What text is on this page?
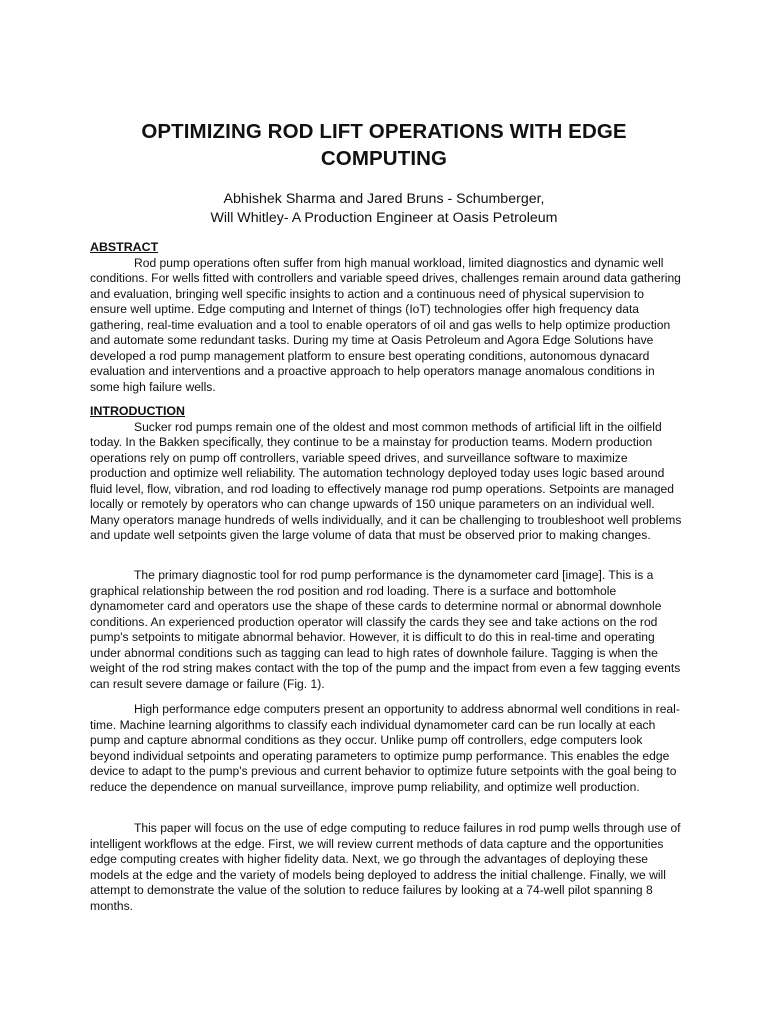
OPTIMIZING ROD LIFT OPERATIONS WITH EDGE
COMPUTING
Abhishek Sharma and Jared Bruns - Schumberger,
Will Whitley- A Production Engineer at Oasis Petroleum
ABSTRACT

Rod pump operations often suffer from high manual workload, limited diagnostics and dynamic well conditions. For wells fitted with controllers and variable speed drives, challenges remain around data gathering and evaluation, bringing well specific insights to action and a continuous need of physical supervision to ensure well uptime. Edge computing and Internet of things (IoT) technologies offer high frequency data gathering, real-time evaluation and a tool to enable operators of oil and gas wells to help optimize production and automate some redundant tasks. During my time at Oasis Petroleum and Agora Edge Solutions have developed a rod pump management platform to ensure best operating conditions, autonomous dynacard evaluation and interventions and a proactive approach to help operators manage anomalous conditions in some high failure wells.

INTRODUCTION

Sucker rod pumps remain one of the oldest and most common methods of artificial lift in the oilfield today. In the Bakken specifically, they continue to be a mainstay for production teams. Modern production operations rely on pump off controllers, variable speed drives, and surveillance software to maximize production and optimize well reliability. The automation technology deployed today uses logic based around fluid level, flow, vibration, and rod loading to effectively manage rod pump operations. Setpoints are managed locally or remotely by operators who can change upwards of 150 unique parameters on an individual well. Many operators manage hundreds of wells individually, and it can be challenging to troubleshoot well problems and update well setpoints given the large volume of data that must be observed prior to making changes.

The primary diagnostic tool for rod pump performance is the dynamometer card [image]. This is a graphical relationship between the rod position and rod loading. There is a surface and bottomhole dynamometer card and operators use the shape of these cards to determine normal or abnormal downhole conditions. An experienced production operator will classify the cards they see and take actions on the rod pump's setpoints to mitigate abnormal behavior. However, it is difficult to do this in real-time and operating under abnormal conditions such as tagging can lead to high rates of downhole failure. Tagging is when the weight of the rod string makes contact with the top of the pump and the impact from even a few tagging events can result severe damage or failure (Fig. 1).

High performance edge computers present an opportunity to address abnormal well conditions in real-time. Machine learning algorithms to classify each individual dynamometer card can be run locally at each pump and capture abnormal conditions as they occur. Unlike pump off controllers, edge computers look beyond individual setpoints and operating parameters to optimize pump performance. This enables the edge device to adapt to the pump's previous and current behavior to optimize future setpoints with the goal being to reduce the dependence on manual surveillance, improve pump reliability, and optimize well production.

This paper will focus on the use of edge computing to reduce failures in rod pump wells through use of intelligent workflows at the edge. First, we will review current methods of data capture and the opportunities edge computing creates with higher fidelity data. Next, we go through the advantages of deploying these models at the edge and the variety of models being deployed to address the initial challenge. Finally, we will attempt to demonstrate the value of the solution to reduce failures by looking at a 74-well pilot spanning 8 months.
